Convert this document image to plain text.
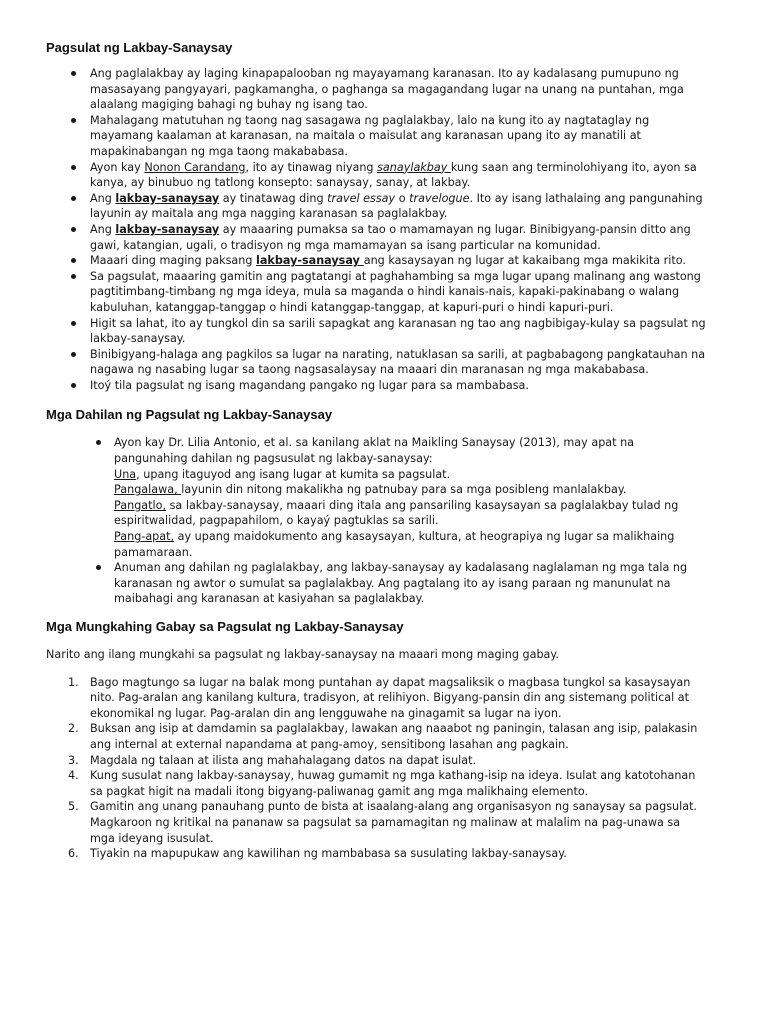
Pagsulat ng Lakbay-Sanaysay
Ang paglalakbay ay laging kinapapalooban ng mayayamang karanasan. Ito ay kadalasang pumupuno ng masasayang pangyayari, pagkamangha, o paghanga sa magagandang lugar na unang na puntahan, mga alaalang magiging bahagi ng buhay ng isang tao.
Mahalagang matutuhan ng taong nag sasagawa ng paglalakbay, lalo na kung ito ay nagtataglay ng mayamang kaalaman at karanasan, na maitala o maisulat ang karanasan upang ito ay manatili at mapakinabangan ng mga taong makababasa.
Ayon kay Nonon Carandang, ito ay tinawag niyang sanaylakbay kung saan ang terminolohiyang ito, ayon sa kanya, ay binubuo ng tatlong konsepto: sanaysay, sanay, at lakbay.
Ang lakbay-sanaysay ay tinatawag ding travel essay o travelogue. Ito ay isang lathalaing ang pangunahing layunin ay maitala ang mga nagging karanasan sa paglalakbay.
Ang lakbay-sanaysay ay maaaring pumaksa sa tao o mamamayan ng lugar. Binibigyang-pansin ditto ang gawi, katangian, ugali, o tradisyon ng mga mamamayan sa isang particular na komunidad.
Maaari ding maging paksang lakbay-sanaysay ang kasaysayan ng lugar at kakaibang mga makikita rito.
Sa pagsulat, maaaring gamitin ang pagtatangi at paghahambing sa mga lugar upang malinang ang wastong pagtitimbang-timbang ng mga ideya, mula sa maganda o hindi kanais-nais, kapaki-pakinabang o walang kabuluhan, katanggap-tanggap o hindi katanggap-tanggap, at kapuri-puri o hindi kapuri-puri.
Higit sa lahat, ito ay tungkol din sa sarili sapagkat ang karanasan ng tao ang nagbibigay-kulay sa pagsulat ng lakbay-sanaysay.
Binibigyang-halaga ang pagkilos sa lugar na narating, natuklasan sa sarili, at pagbabagong pangkatauhan na nagawa ng nasabing lugar sa taong nagsasalaysay na maaari din maranasan ng mga makababasa.
Itoý tila pagsulat ng isang magandang pangako ng lugar para sa mambabasa.
Mga Dahilan ng Pagsulat ng Lakbay-Sanaysay
Ayon kay Dr. Lilia Antonio, et al. sa kanilang aklat na Maikling Sanaysay (2013), may apat na pangunahing dahilan ng pagsusulat ng lakbay-sanaysay:
Una, upang itaguyod ang isang lugar at kumita sa pagsulat.
Pangalawa, layunin din nitong makalikha ng patnubay para sa mga posibleng manlalakbay.
Pangatlo, sa lakbay-sanaysay, maaari ding itala ang pansariling kasaysayan sa paglalakbay tulad ng espiritwalidad, pagpapahilom, o kayaý pagtuklas sa sarili.
Pang-apat, ay upang maidokumento ang kasaysayan, kultura, at heograpiya ng lugar sa malikhaing pamamaraan.
Anuman ang dahilan ng paglalakbay, ang lakbay-sanaysay ay kadalasang naglalaman ng mga tala ng karanasan ng awtor o sumulat sa paglalakbay. Ang pagtalang ito ay isang paraan ng manunulat na maibahagi ang karanasan at kasiyahan sa paglalakbay.
Mga Mungkahing Gabay sa Pagsulat ng Lakbay-Sanaysay

Narito ang ilang mungkahi sa pagsulat ng lakbay-sanaysay na maaari mong maging gabay.

1. Bago magtungo sa lugar na balak mong puntahan ay dapat magsaliksik o magbasa tungkol sa kasaysayan nito. Pag-aralan ang kanilang kultura, tradisyon, at relihiyon. Bigyang-pansin din ang sistemang political at ekonomikal ng lugar. Pag-aralan din ang lengguwahe na ginagamit sa lugar na iyon.
2. Buksan ang isip at damdamin sa paglalakbay, lawakan ang naaabot ng paningin, talasan ang isip, palakasin ang internal at external napandama at pang-amoy, sensitibong lasahan ang pagkain.
3. Magdala ng talaan at ilista ang mahahalagang datos na dapat isulat.
4. Kung susulat nang lakbay-sanaysay, huwag gumamit ng mga kathang-isip na ideya. Isulat ang katotohanan sa pagkat higit na madali itong bigyang-paliwanag gamit ang mga malikhaing elemento.
5. Gamitin ang unang panauhang punto de bista at isaalang-alang ang organisasyon ng sanaysay sa pagsulat. Magkaroon ng kritikal na pananaw sa pagsulat sa pamamagitan ng malinaw at malalim na pag-unawa sa mga ideyang isusulat.
6. Tiyakin na mapupukaw ang kawilihan ng mambabasa sa susulating lakbay-sanaysay.
